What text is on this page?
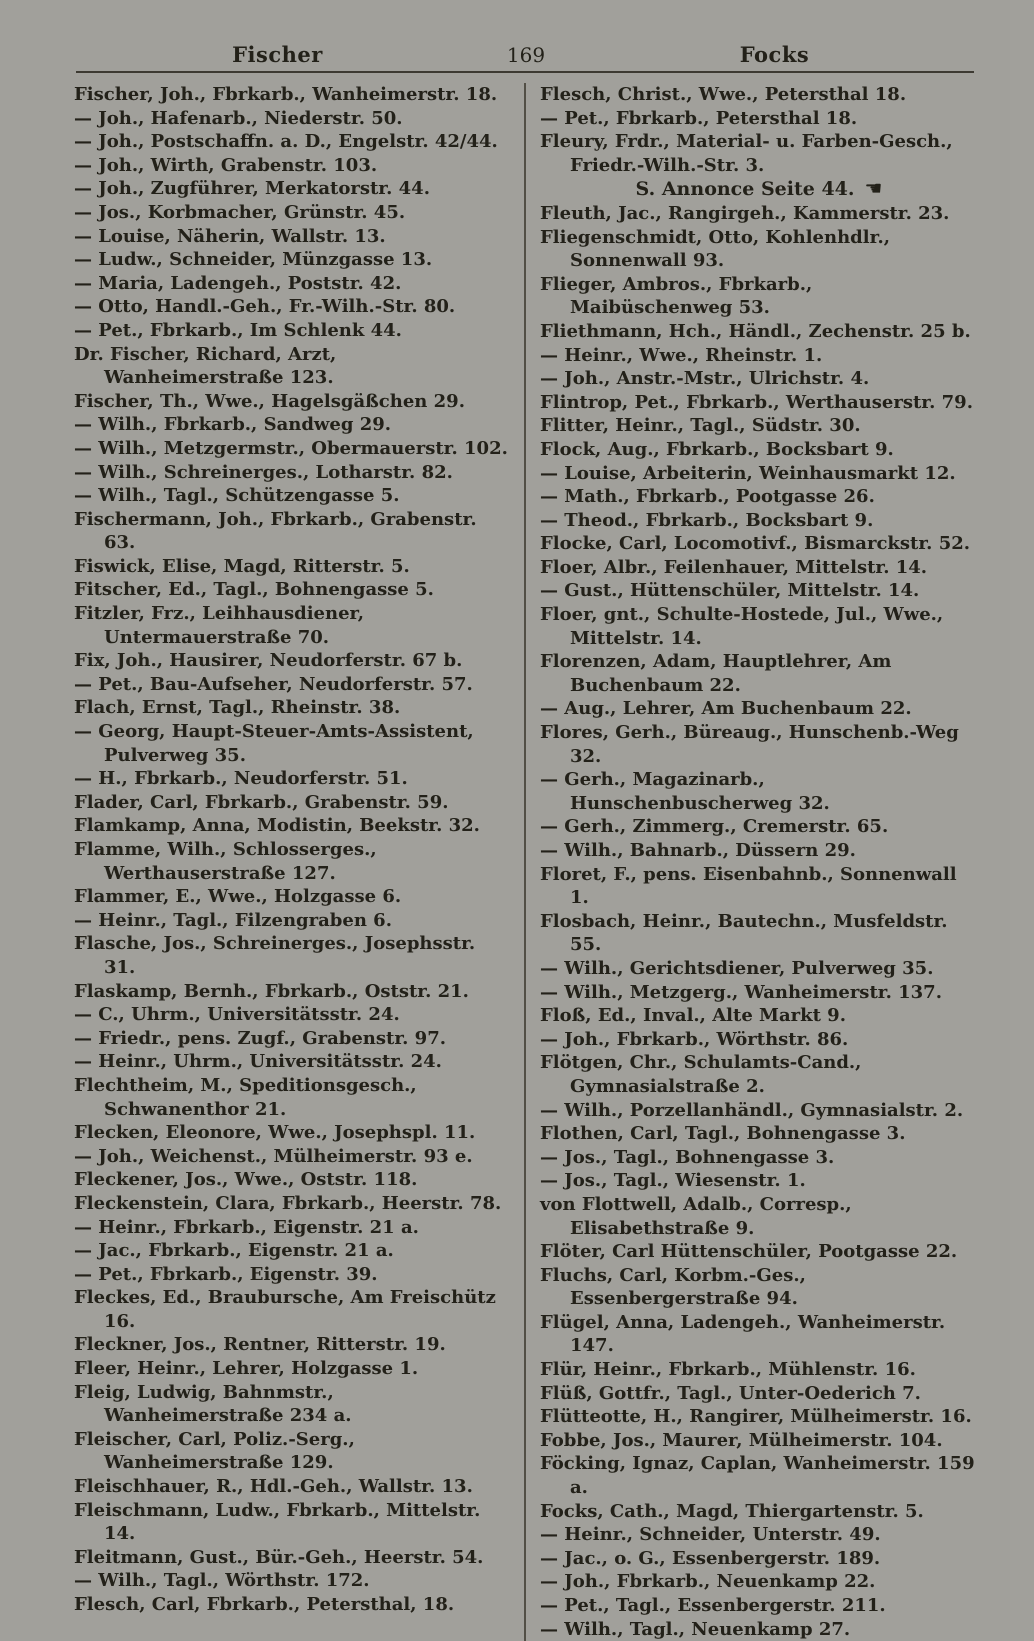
Fischer	169	Focks
Fischer, Joh., Fbrkarb., Wanheimerstr. 18.
— Joh., Hafenarb., Niederstr. 50.
— Joh., Postschaffn. a. D., Engelstr. 42/44.
— Joh., Wirth, Grabenstr. 103.
— Joh., Zugführer, Merkatorstr. 44.
— Jos., Korbmacher, Grünstr. 45.
— Louise, Näherin, Wallstr. 13.
— Ludw., Schneider, Münzgasse 13.
— Maria, Ladengeh., Poststr. 42.
— Otto, Handl.-Geh., Fr.-Wilh.-Str. 80.
— Pet., Fbrkarb., Im Schlenk 44.
Dr. Fischer, Richard, Arzt, Wanheimerstraße 123.
Fischer, Th., Wwe., Hagelsgäßchen 29.
— Wilh., Fbrkarb., Sandweg 29.
— Wilh., Metzgermstr., Obermauerstr. 102.
— Wilh., Schreinerges., Lotharstr. 82.
— Wilh., Tagl., Schützengasse 5.
Fischermann, Joh., Fbrkarb., Grabenstr. 63.
Fiswick, Elise, Magd, Ritterstr. 5.
Fitscher, Ed., Tagl., Bohnengasse 5.
Fitzler, Frz., Leihhausdiener, Untermauerstraße 70.
Fix, Joh., Hausirer, Neudorferstr. 67 b.
— Pet., Bau-Aufseher, Neudorferstr. 57.
Flach, Ernst, Tagl., Rheinstr. 38.
— Georg, Haupt-Steuer-Amts-Assistent, Pulverweg 35.
— H., Fbrkarb., Neudorferstr. 51.
Flader, Carl, Fbrkarb., Grabenstr. 59.
Flamkamp, Anna, Modistin, Beekstr. 32.
Flamme, Wilh., Schlosserges., Werthauserstraße 127.
Flammer, E., Wwe., Holzgasse 6.
— Heinr., Tagl., Filzengraben 6.
Flasche, Jos., Schreinerges., Josephsstr. 31.
Flaskamp, Bernh., Fbrkarb., Oststr. 21.
— C., Uhrm., Universitätsstr. 24.
— Friedr., pens. Zugf., Grabenstr. 97.
— Heinr., Uhrm., Universitätsstr. 24.
Flechtheim, M., Speditionsgesch., Schwanenthor 21.
Flecken, Eleonore, Wwe., Josephspl. 11.
— Joh., Weichenst., Mülheimerstr. 93 e.
Fleckener, Jos., Wwe., Oststr. 118.
Fleckenstein, Clara, Fbrkarb., Heerstr. 78.
— Heinr., Fbrkarb., Eigenstr. 21 a.
— Jac., Fbrkarb., Eigenstr. 21 a.
— Pet., Fbrkarb., Eigenstr. 39.
Fleckes, Ed., Braubursche, Am Freischütz 16.
Fleckner, Jos., Rentner, Ritterstr. 19.
Fleer, Heinr., Lehrer, Holzgasse 1.
Fleig, Ludwig, Bahnmstr., Wanheimerstraße 234 a.
Fleischer, Carl, Poliz.-Serg., Wanheimerstraße 129.
Fleischhauer, R., Hdl.-Geh., Wallstr. 13.
Fleischmann, Ludw., Fbrkarb., Mittelstr. 14.
Fleitmann, Gust., Bür.-Geh., Heerstr. 54.
— Wilh., Tagl., Wörthstr. 172.
Flesch, Carl, Fbrkarb., Petersthal, 18.
Flesch, Christ., Wwe., Petersthal 18.
— Pet., Fbrkarb., Petersthal 18.
Fleury, Frdr., Material- u. Farben-Gesch., Friedr.-Wilh.-Str. 3.
S. Annonce Seite 44. ☚
Fleuth, Jac., Rangirgeh., Kammerstr. 23.
Fliegenschmidt, Otto, Kohlenhdlr., Sonnenwall 93.
Flieger, Ambros., Fbrkarb., Maibüschenweg 53.
Fliethmann, Hch., Händl., Zechenstr. 25 b.
— Heinr., Wwe., Rheinstr. 1.
— Joh., Anstr.-Mstr., Ulrichstr. 4.
Flintrop, Pet., Fbrkarb., Werthauserstr. 79.
Flitter, Heinr., Tagl., Südstr. 30.
Flock, Aug., Fbrkarb., Bocksbart 9.
— Louise, Arbeiterin, Weinhausmarkt 12.
— Math., Fbrkarb., Pootgasse 26.
— Theod., Fbrkarb., Bocksbart 9.
Flocke, Carl, Locomotivf., Bismarckstr. 52.
Floer, Albr., Feilenhauer, Mittelstr. 14.
— Gust., Hüttenschüler, Mittelstr. 14.
Floer, gnt., Schulte-Hostede, Jul., Wwe., Mittelstr. 14.
Florenzen, Adam, Hauptlehrer, Am Buchenbaum 22.
— Aug., Lehrer, Am Buchenbaum 22.
Flores, Gerh., Büreaug., Hunschenb.-Weg 32.
— Gerh., Magazinarb., Hunschenbuscherweg 32.
— Gerh., Zimmerg., Cremerstr. 65.
— Wilh., Bahnarb., Düssern 29.
Floret, F., pens. Eisenbahnb., Sonnenwall 1.
Flosbach, Heinr., Bautechn., Musfeldstr. 55.
— Wilh., Gerichtsdiener, Pulverweg 35.
— Wilh., Metzgerg., Wanheimerstr. 137.
Floß, Ed., Inval., Alte Markt 9.
— Joh., Fbrkarb., Wörthstr. 86.
Flötgen, Chr., Schulamts-Cand., Gymnasialstraße 2.
— Wilh., Porzellanhändl., Gymnasialstr. 2.
Flothen, Carl, Tagl., Bohnengasse 3.
— Jos., Tagl., Bohnengasse 3.
— Jos., Tagl., Wiesenstr. 1.
von Flottwell, Adalb., Corresp., Elisabethstraße 9.
Flöter, Carl Hüttenschüler, Pootgasse 22.
Fluchs, Carl, Korbm.-Ges., Essenbergerstraße 94.
Flügel, Anna, Ladengeh., Wanheimerstr. 147.
Flür, Heinr., Fbrkarb., Mühlenstr. 16.
Flüß, Gottfr., Tagl., Unter-Oederich 7.
Flütteotte, H., Rangirer, Mülheimerstr. 16.
Fobbe, Jos., Maurer, Mülheimerstr. 104.
Föcking, Ignaz, Caplan, Wanheimerstr. 159 a.
Focks, Cath., Magd, Thiergartenstr. 5.
— Heinr., Schneider, Unterstr. 49.
— Jac., o. G., Essenbergerstr. 189.
— Joh., Fbrkarb., Neuenkamp 22.
— Pet., Tagl., Essenbergerstr. 211.
— Wilh., Tagl., Neuenkamp 27.
